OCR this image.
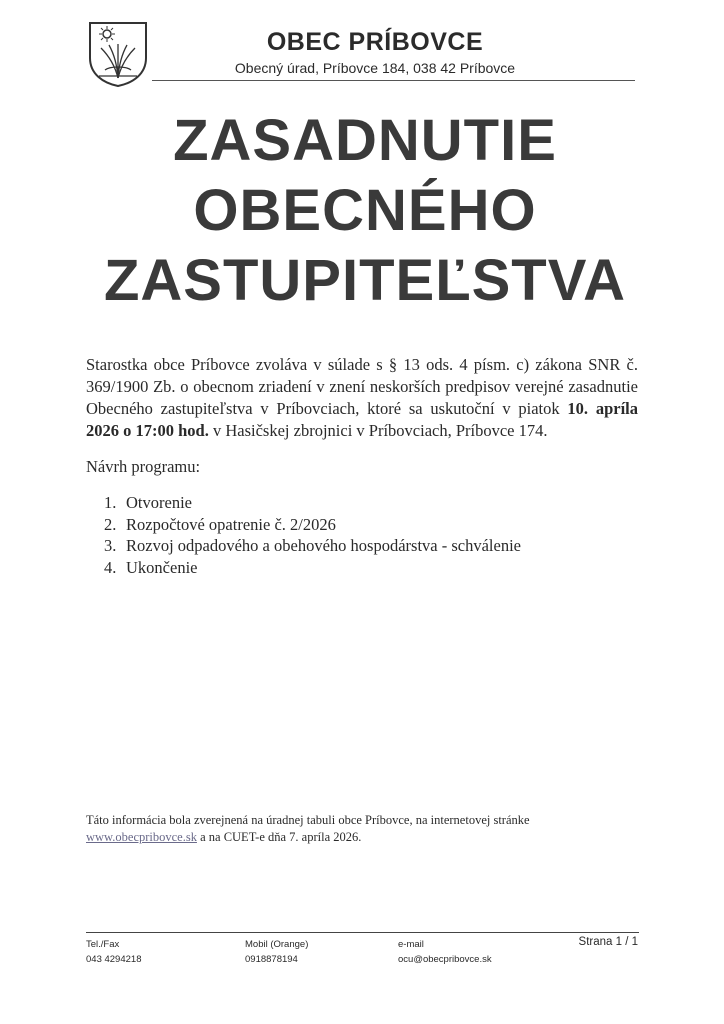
OBEC PRÍBOVCE
Obecný úrad, Príbovce 184, 038 42 Príbovce
ZASADNUTIE
OBECNÉHO
ZASTUPITEĽSTVA
Starostka obce Príbovce zvoláva v súlade s § 13 ods. 4 písm. c) zákona SNR č. 369/1900 Zb. o obecnom zriadení v znení neskorších predpisov verejné zasadnutie Obecného zastupiteľstva v Príbovciach, ktoré sa uskutoční v piatok 10. apríla 2026 o 17:00 hod. v Hasičskej zbrojnici v Príbovciach, Príbovce 174.
Návrh programu:
1. Otvorenie
2. Rozpočtové opatrenie č. 2/2026
3. Rozvoj odpadového a obehového hospodárstva - schválenie
4. Ukončenie
Táto informácia bola zverejnená na úradnej tabuli obce Príbovce, na internetovej stránke
www.obecpribovce.sk a na CUET-e dňa 7. apríla 2026.
Tel./Fax
043 4294218
Mobil (Orange)
0918878194
e-mail
ocu@obecpribovce.sk
Strana 1 / 1
